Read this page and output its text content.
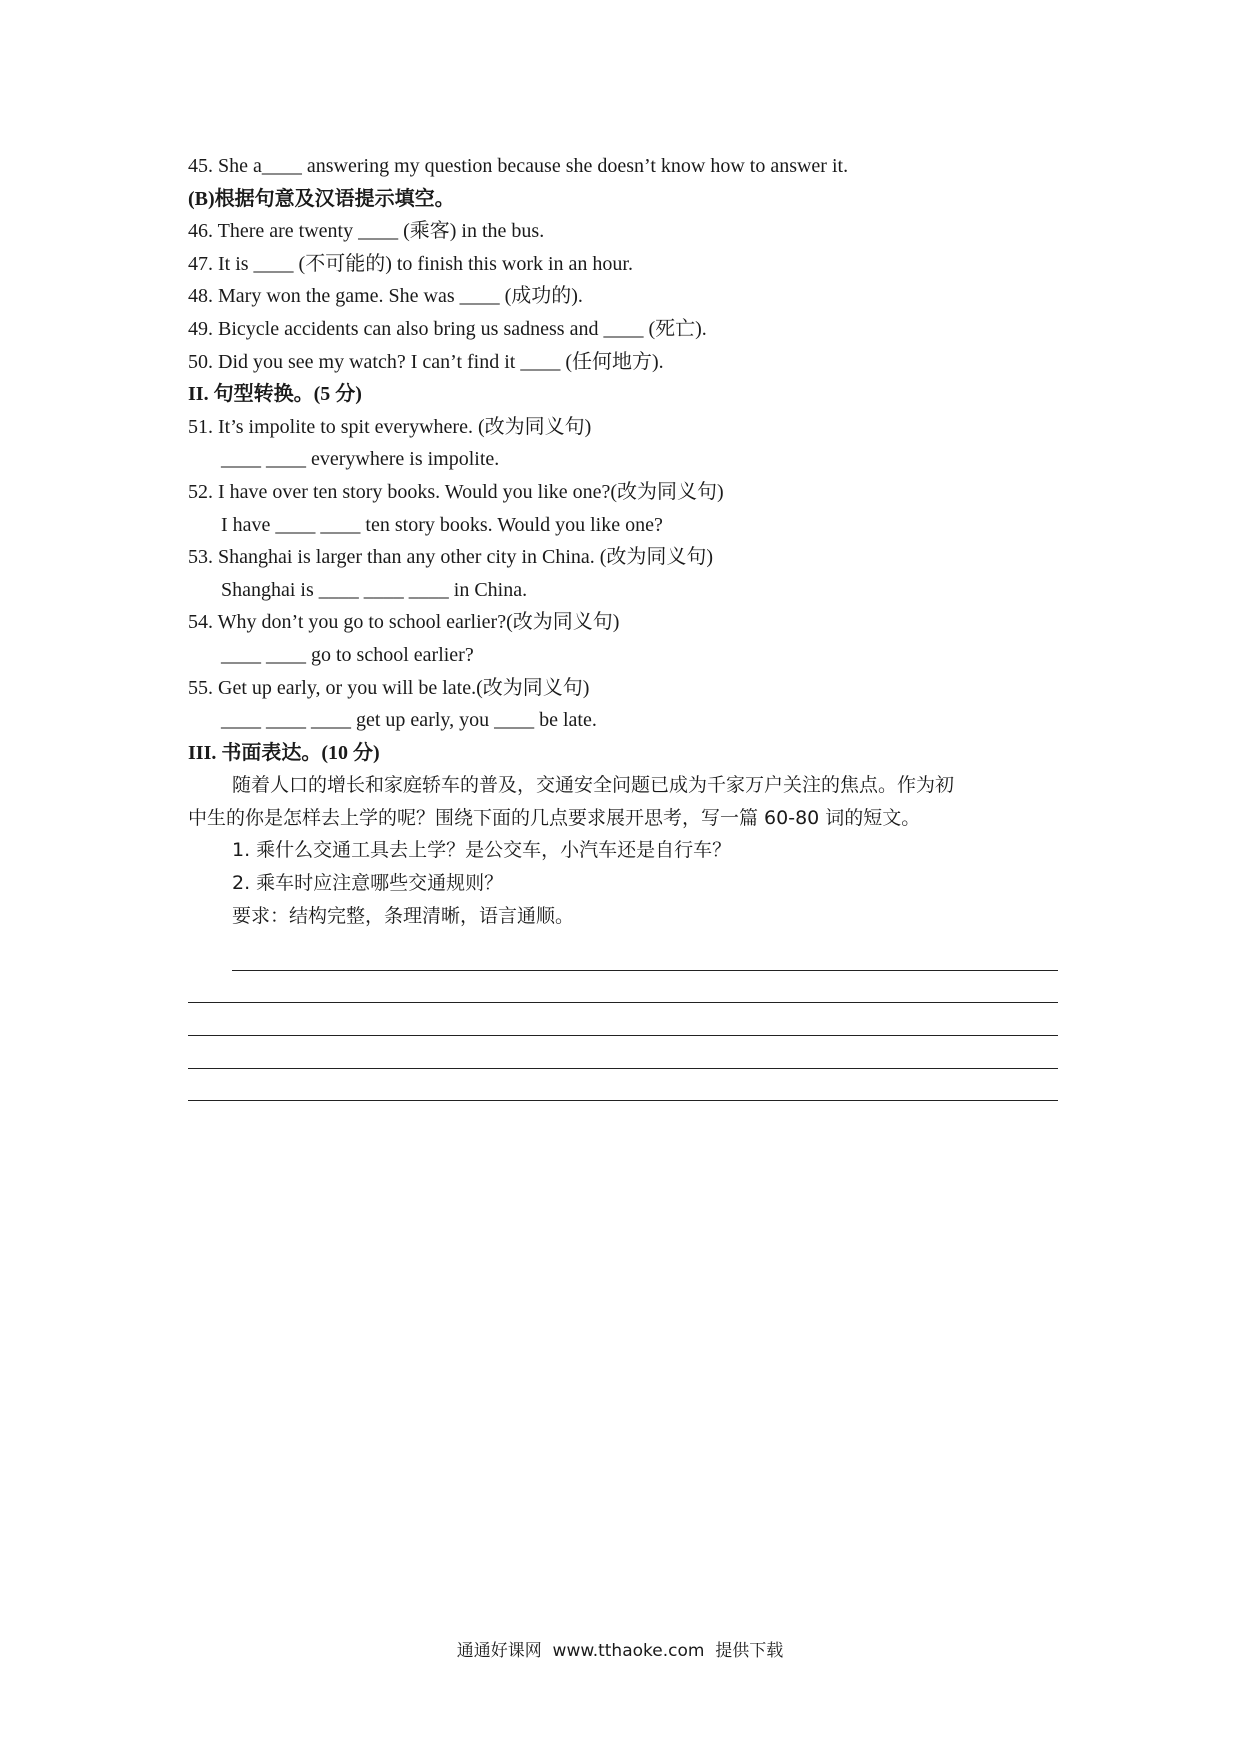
45. She a____ answering my question because she doesn’t know how to answer it.
(B)根据句意及汉语提示填空。
46. There are twenty ____ (乘客) in the bus.
47. It is ____ (不可能的) to finish this work in an hour.
48. Mary won the game. She was ____ (成功的).
49. Bicycle accidents can also bring us sadness and ____ (死亡).
50. Did you see my watch? I can’t find it ____ (任何地方).
II. 句型转换。(5 分)
51. It’s impolite to spit everywhere. (改为同义句)
____ ____ everywhere is impolite.
52. I have over ten story books. Would you like one?(改为同义句)
I have ____ ____ ten story books. Would you like one?
53. Shanghai is larger than any other city in China. (改为同义句)
Shanghai is ____ ____ ____ in China.
54. Why don’t you go to school earlier?(改为同义句)
____ ____ go to school earlier?
55. Get up early, or you will be late.(改为同义句)
____ ____ ____ get up early, you ____ be late.
III. 书面表达。(10 分)
随着人口的增长和家庭轿车的普及，交通安全问题已成为千家万户关注的焦点。作为初
中生的你是怎样去上学的呢？围绕下面的几点要求展开思考，写一篇 60-80 词的短文。
1. 乘什么交通工具去上学？是公交车，小汽车还是自行车？
2. 乘车时应注意哪些交通规则？
要求：结构完整，条理清晰，语言通顺。
通通好课网  www.tthaoke.com  提供下载
